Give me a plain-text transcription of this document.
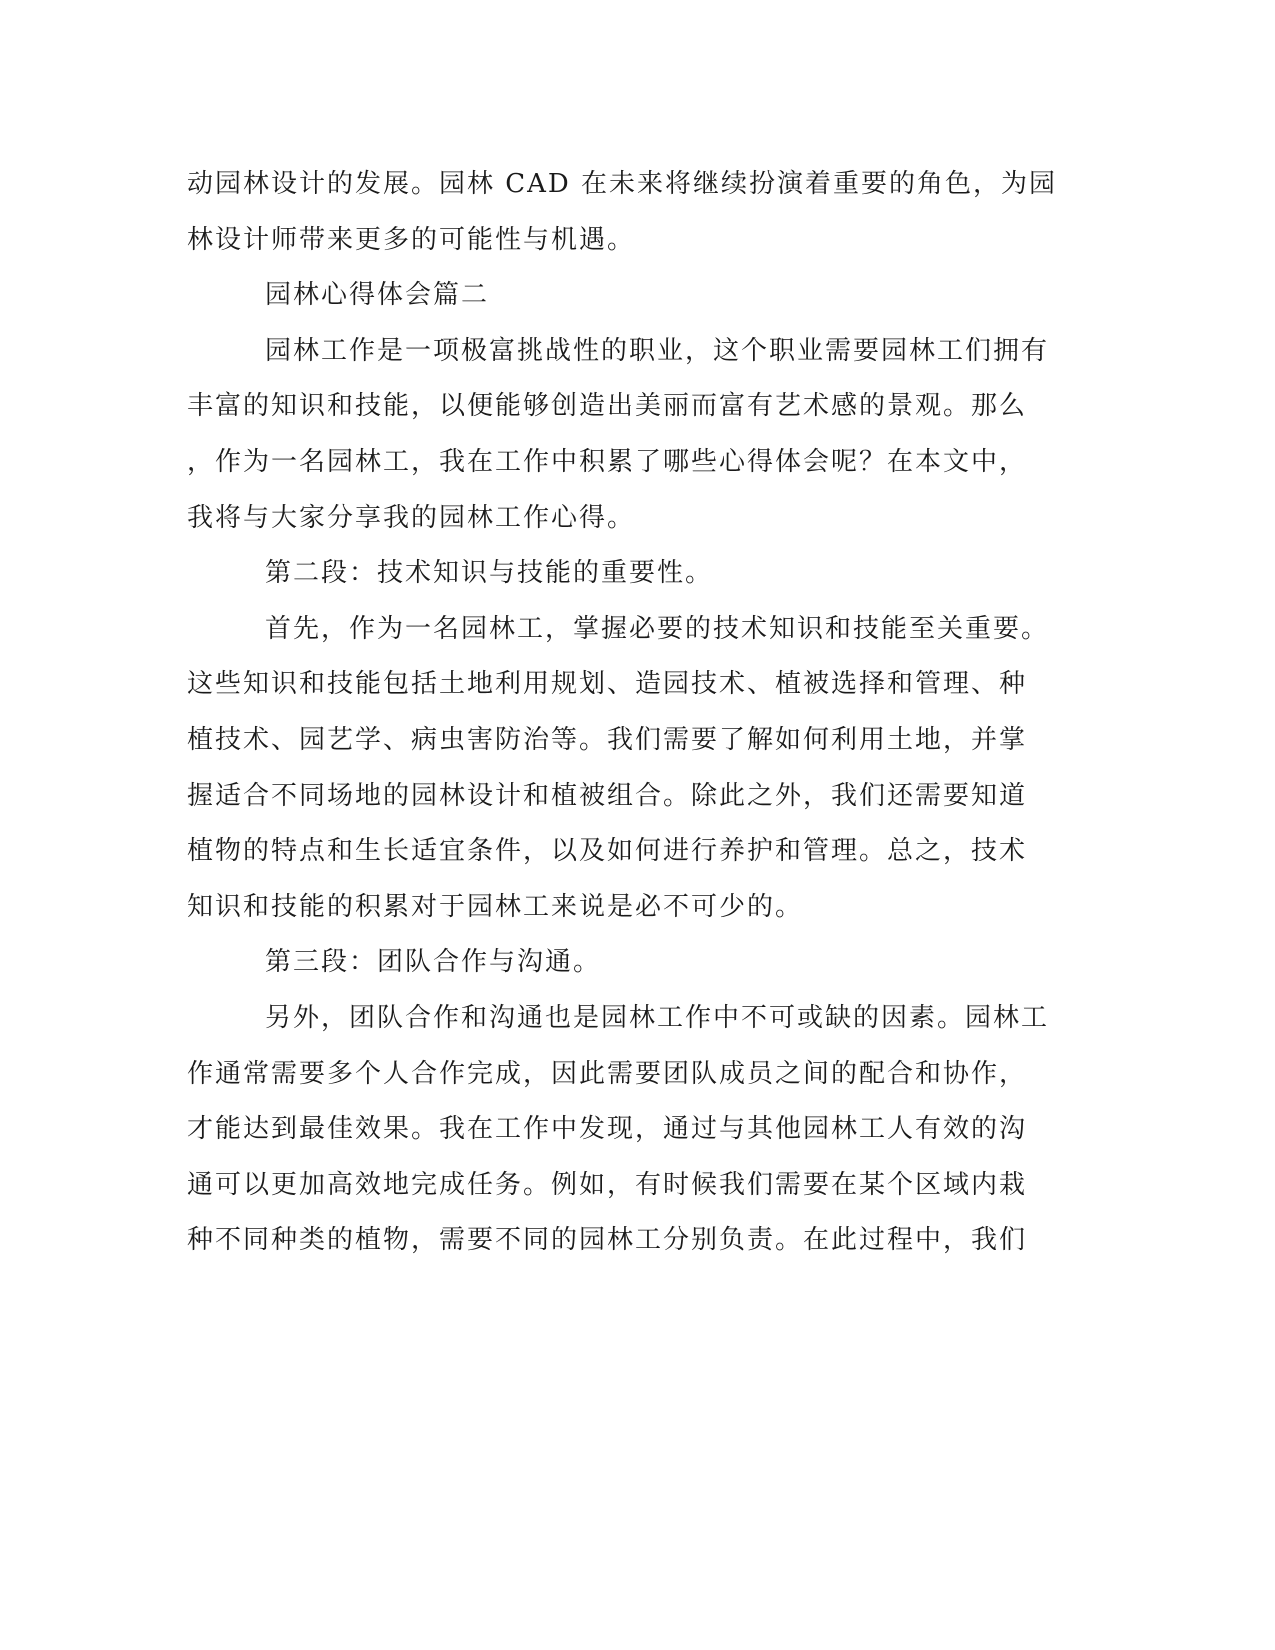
动园林设计的发展。园林 CAD 在未来将继续扮演着重要的角色，为园
林设计师带来更多的可能性与机遇。
园林心得体会篇二
园林工作是一项极富挑战性的职业，这个职业需要园林工们拥有
丰富的知识和技能，以便能够创造出美丽而富有艺术感的景观。那么
，作为一名园林工，我在工作中积累了哪些心得体会呢？在本文中，
我将与大家分享我的园林工作心得。
第二段：技术知识与技能的重要性。
首先，作为一名园林工，掌握必要的技术知识和技能至关重要。
这些知识和技能包括土地利用规划、造园技术、植被选择和管理、种
植技术、园艺学、病虫害防治等。我们需要了解如何利用土地，并掌
握适合不同场地的园林设计和植被组合。除此之外，我们还需要知道
植物的特点和生长适宜条件，以及如何进行养护和管理。总之，技术
知识和技能的积累对于园林工来说是必不可少的。
第三段：团队合作与沟通。
另外，团队合作和沟通也是园林工作中不可或缺的因素。园林工
作通常需要多个人合作完成，因此需要团队成员之间的配合和协作，
才能达到最佳效果。我在工作中发现，通过与其他园林工人有效的沟
通可以更加高效地完成任务。例如，有时候我们需要在某个区域内栽
种不同种类的植物，需要不同的园林工分别负责。在此过程中，我们
